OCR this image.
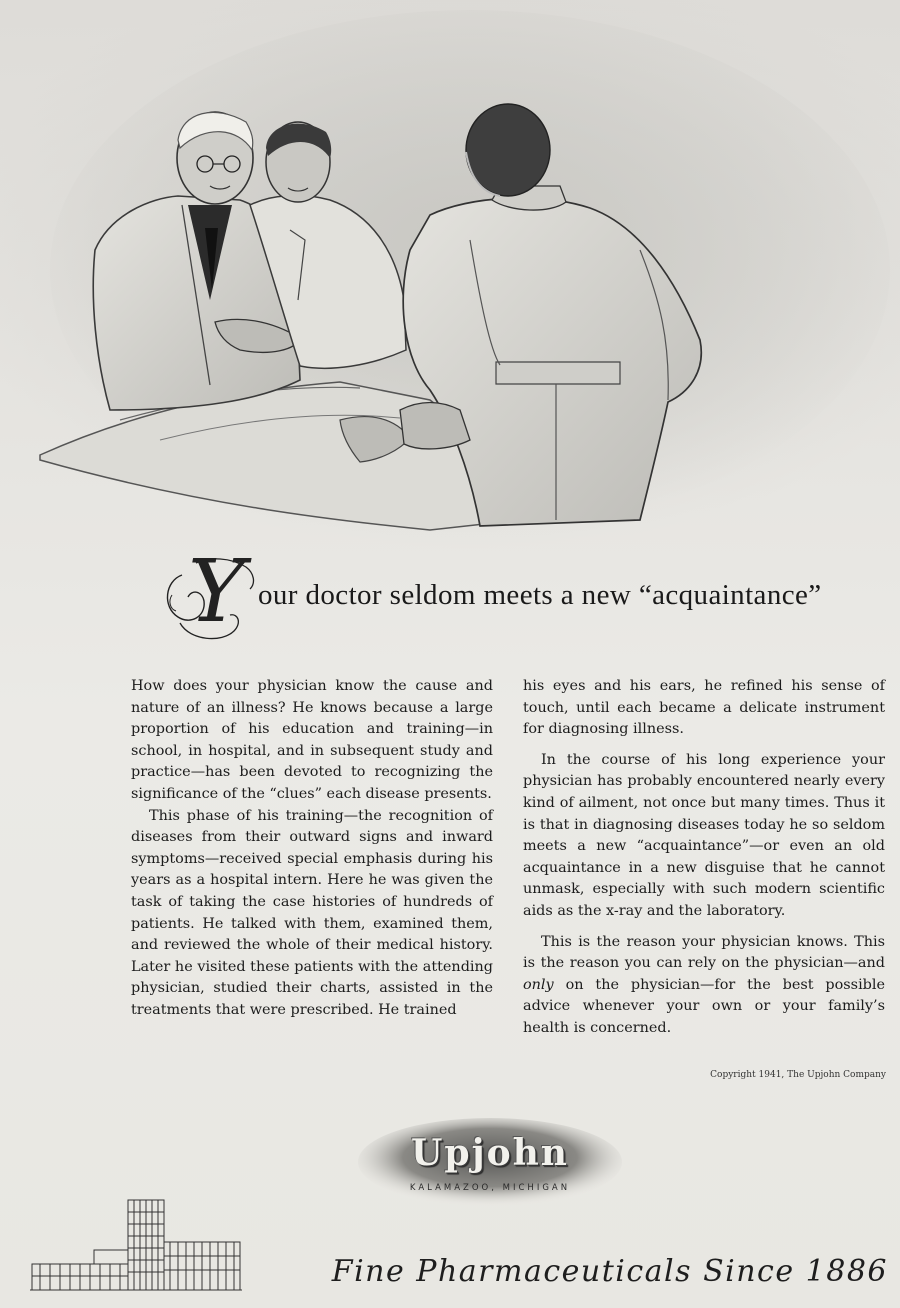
Y our doctor seldom meets a new “acquaintance”

How does your physician know the cause and nature of an illness? He knows because a large proportion of his education and training—in school, in hospital, and in subsequent study and practice—has been devoted to recognizing the significance of the “clues” each disease presents.

This phase of his training—the recognition of diseases from their outward signs and inward symptoms—received special emphasis during his years as a hospital intern. Here he was given the task of taking the case histories of hundreds of patients. He talked with them, examined them, and reviewed the whole of their medical history. Later he visited these patients with the attending physician, studied their charts, assisted in the treatments that were prescribed. He trained

his eyes and his ears, he refined his sense of touch, until each became a delicate instrument for diagnosing illness.

In the course of his long experience your physician has probably encountered nearly every kind of ailment, not once but many times. Thus it is that in diagnosing diseases today he so seldom meets a new “acquaintance”—or even an old acquaintance in a new disguise that he cannot unmask, especially with such modern scientific aids as the x-ray and the laboratory.

This is the reason your physician knows. This is the reason you can rely on the physician—and only on the physician—for the best possible advice whenever your own or your family’s health is concerned.

Copyright 1941, The Upjohn Company
Upjohn
KALAMAZOO, MICHIGAN
Fine Pharmaceuticals Since 1886
